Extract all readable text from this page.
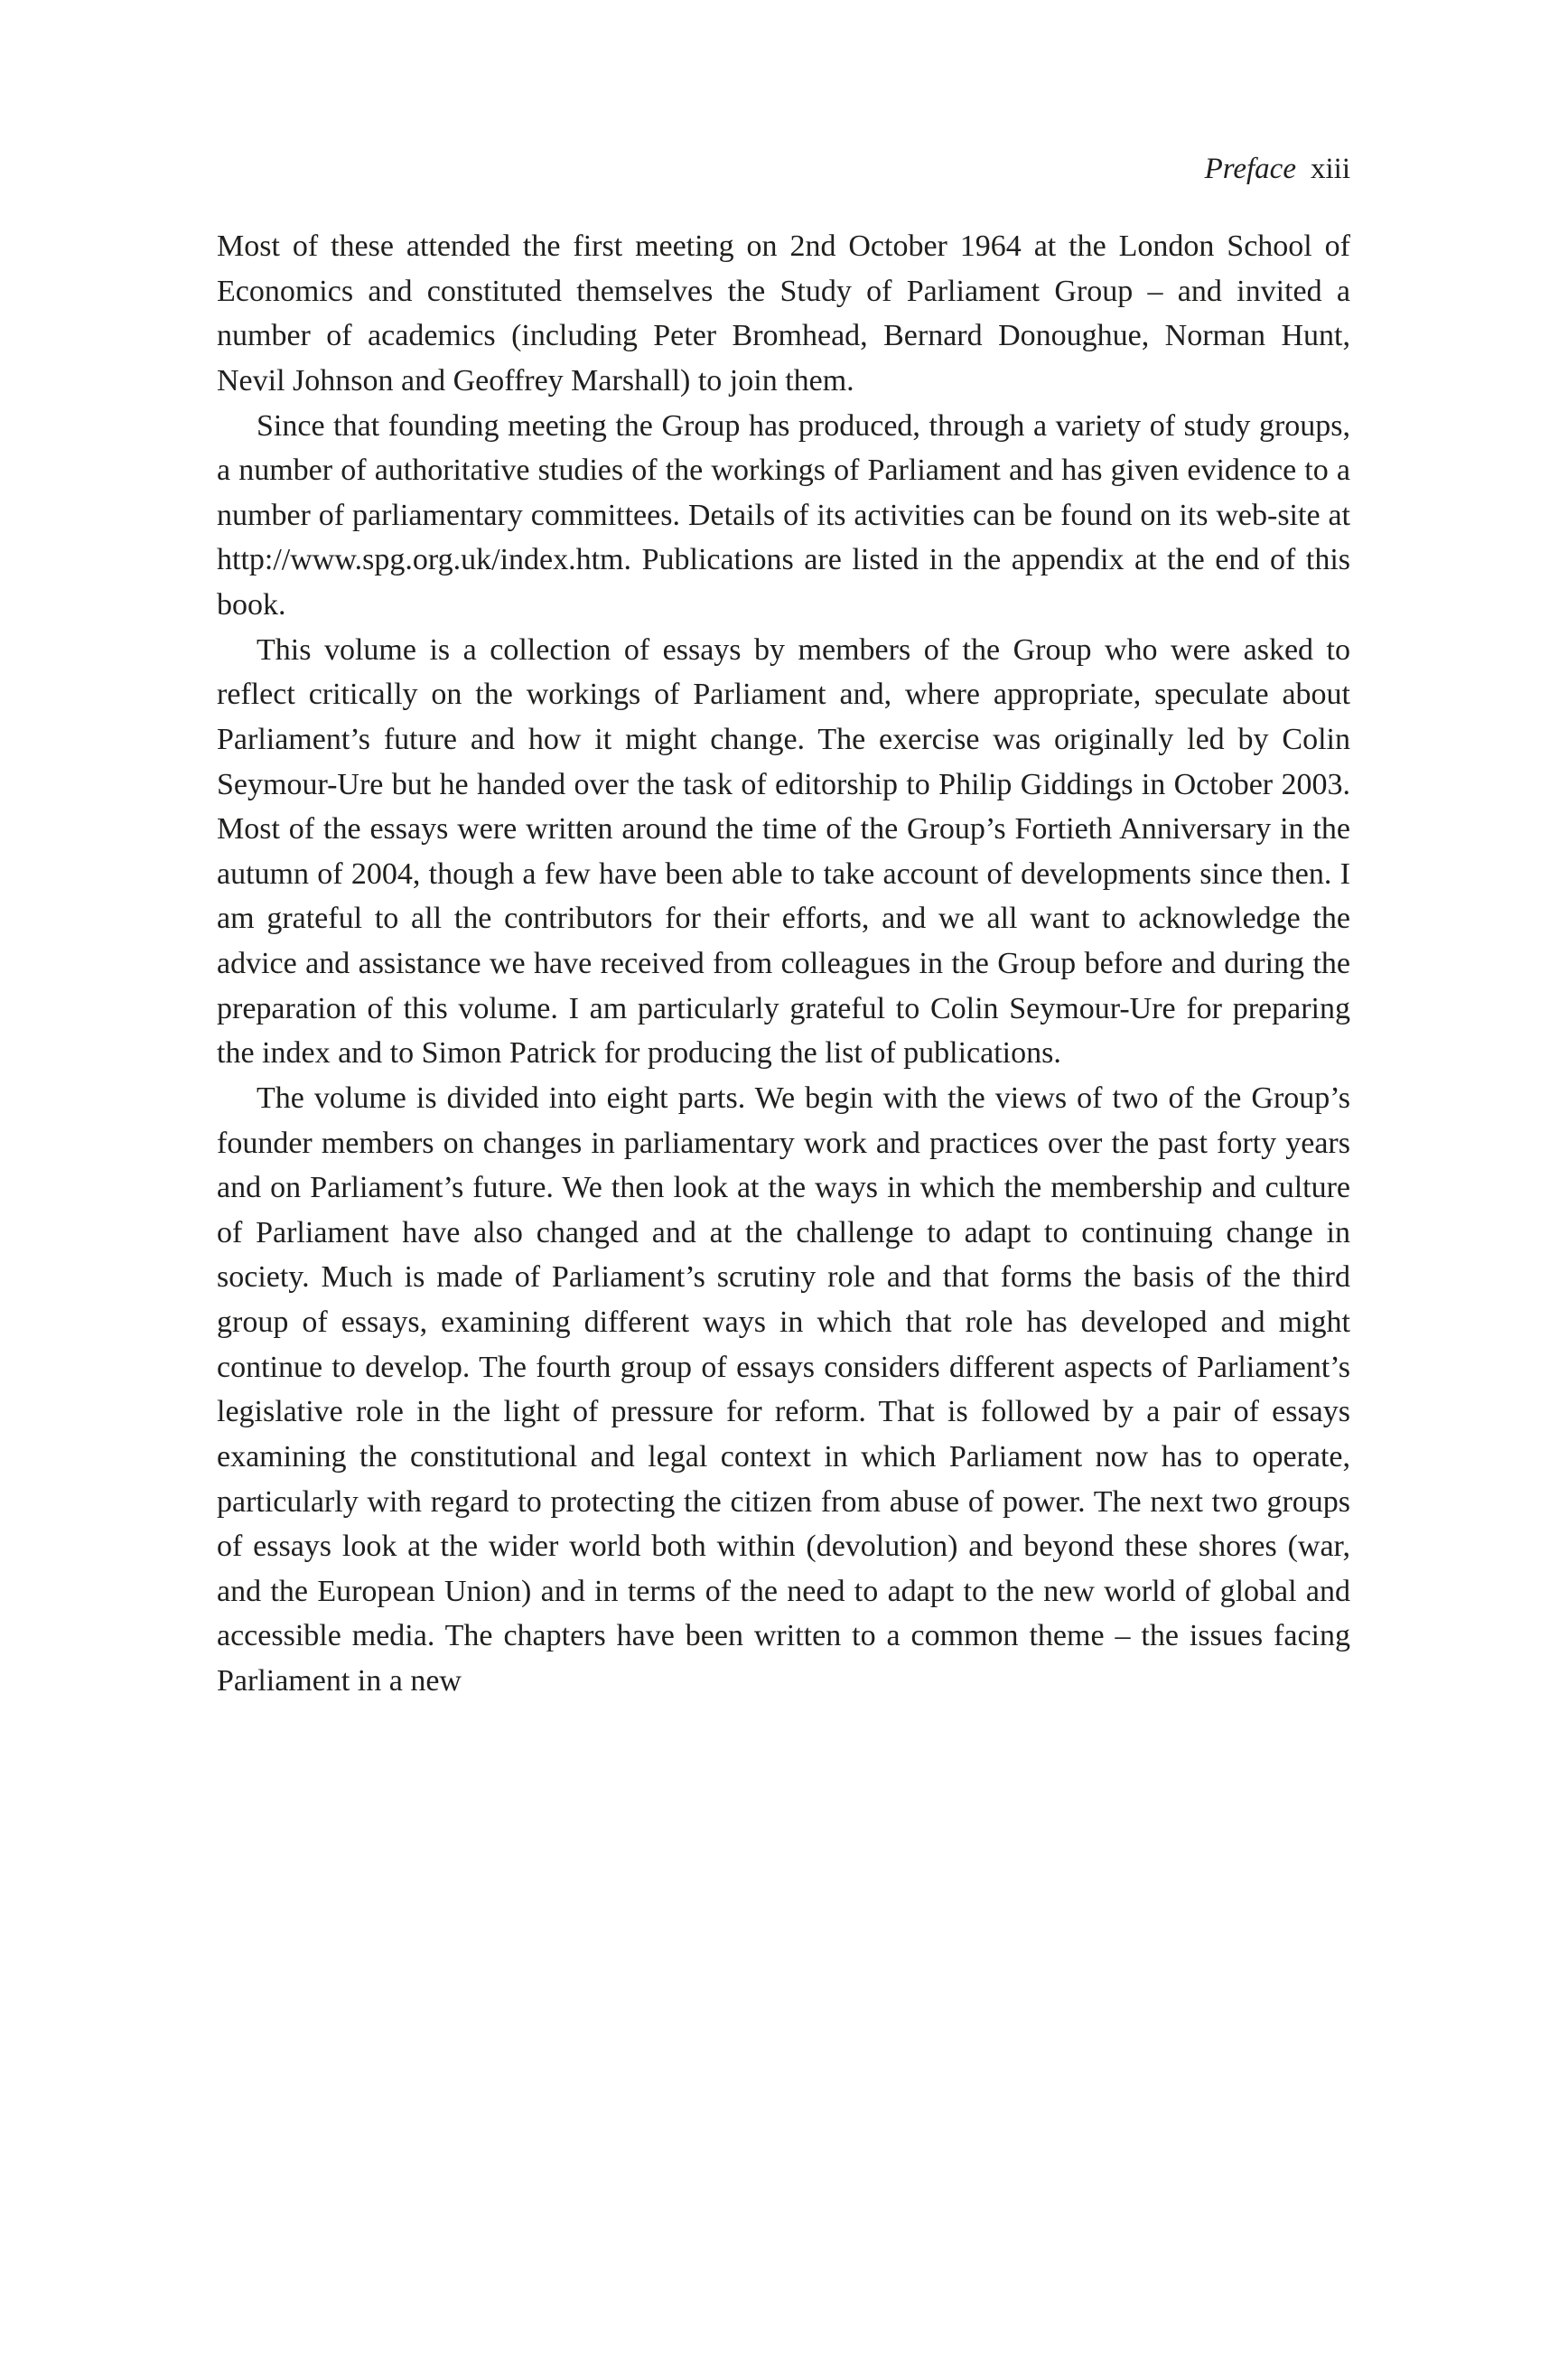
Preface xiii

Most of these attended the first meeting on 2nd October 1964 at the London School of Economics and constituted themselves the Study of Parliament Group – and invited a number of academics (including Peter Bromhead, Bernard Donoughue, Norman Hunt, Nevil Johnson and Geoffrey Marshall) to join them.

Since that founding meeting the Group has produced, through a variety of study groups, a number of authoritative studies of the workings of Parliament and has given evidence to a number of parliamentary committees. Details of its activities can be found on its web-site at http://www.spg.org.uk/index.htm. Publications are listed in the appendix at the end of this book.

This volume is a collection of essays by members of the Group who were asked to reflect critically on the workings of Parliament and, where appropriate, speculate about Parliament’s future and how it might change. The exercise was originally led by Colin Seymour-Ure but he handed over the task of editorship to Philip Giddings in October 2003. Most of the essays were written around the time of the Group’s Fortieth Anniversary in the autumn of 2004, though a few have been able to take account of developments since then. I am grateful to all the contributors for their efforts, and we all want to acknowledge the advice and assistance we have received from colleagues in the Group before and during the preparation of this volume. I am particularly grateful to Colin Seymour-Ure for preparing the index and to Simon Patrick for producing the list of publications.

The volume is divided into eight parts. We begin with the views of two of the Group’s founder members on changes in parliamentary work and practices over the past forty years and on Parliament’s future. We then look at the ways in which the membership and culture of Parliament have also changed and at the challenge to adapt to continuing change in society. Much is made of Parliament’s scrutiny role and that forms the basis of the third group of essays, examining different ways in which that role has developed and might continue to develop. The fourth group of essays considers different aspects of Parliament’s legislative role in the light of pressure for reform. That is followed by a pair of essays examining the constitutional and legal context in which Parliament now has to operate, particularly with regard to protecting the citizen from abuse of power. The next two groups of essays look at the wider world both within (devolution) and beyond these shores (war, and the European Union) and in terms of the need to adapt to the new world of global and accessible media. The chapters have been written to a common theme – the issues facing Parliament in a new
